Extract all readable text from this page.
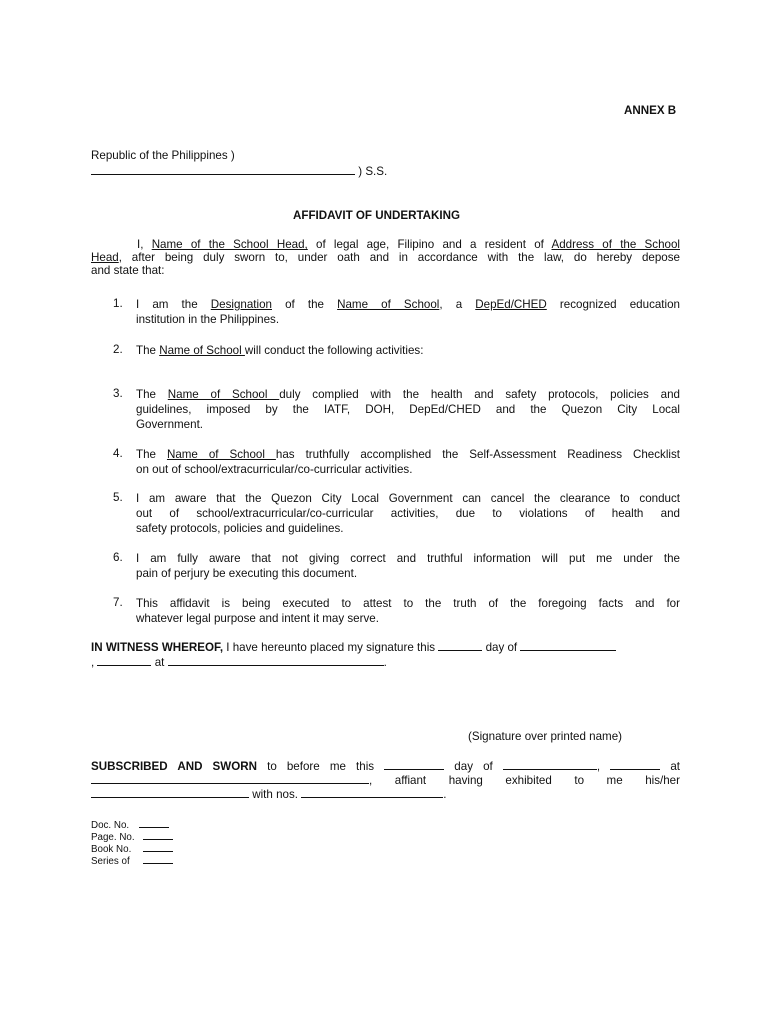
ANNEX B
Republic of the Philippines )
) S.S.
AFFIDAVIT OF UNDERTAKING
I, Name of the School Head, of legal age, Filipino and a resident of Address of the School
Head, after being duly sworn to, under oath and in accordance with the law, do hereby depose
and state that:
1. I am the Designation of the Name of School, a DepEd/CHED recognized education
institution in the Philippines.
2. The Name of School will conduct the following activities:
3. The Name of School duly complied with the health and safety protocols, policies and
guidelines, imposed by the IATF, DOH, DepEd/CHED and the Quezon City Local
Government.
4. The Name of School has truthfully accomplished the Self-Assessment Readiness Checklist
on out of school/extracurricular/co-curricular activities.
5. I am aware that the Quezon City Local Government can cancel the clearance to conduct
out of school/extracurricular/co-curricular activities, due to violations of health and
safety protocols, policies and guidelines.
6. I am fully aware that not giving correct and truthful information will put me under the
pain of perjury be executing this document.
7. This affidavit is being executed to attest to the truth of the foregoing facts and for
whatever legal purpose and intent it may serve.
IN WITNESS WHEREOF, I have hereunto placed my signature this	day of
,	at	.
(Signature over printed name)
SUBSCRIBED AND SWORN to before me this	day of	,	at
, affiant having exhibited to me his/her
with nos.	.
Doc. No.
Page. No.
Book No.
Series of
